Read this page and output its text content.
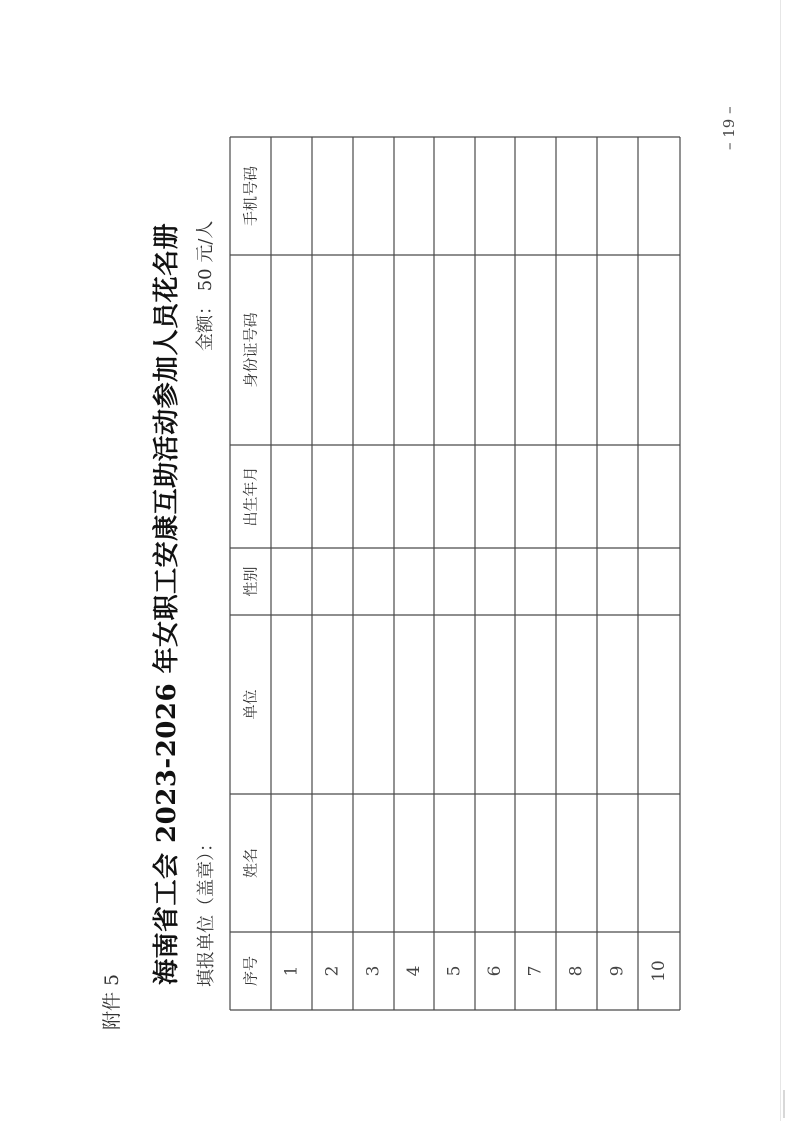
附件 5
海南省工会 2023-2026 年女职工安康互助活动参加人员花名册 填报单位（盖章）：
金额： 50 元/人
– 19 –
序号
姓名
单位
性别
出生年月
身份证号码
手机号码
1 2 3 4 5 6 7 8 9 10
